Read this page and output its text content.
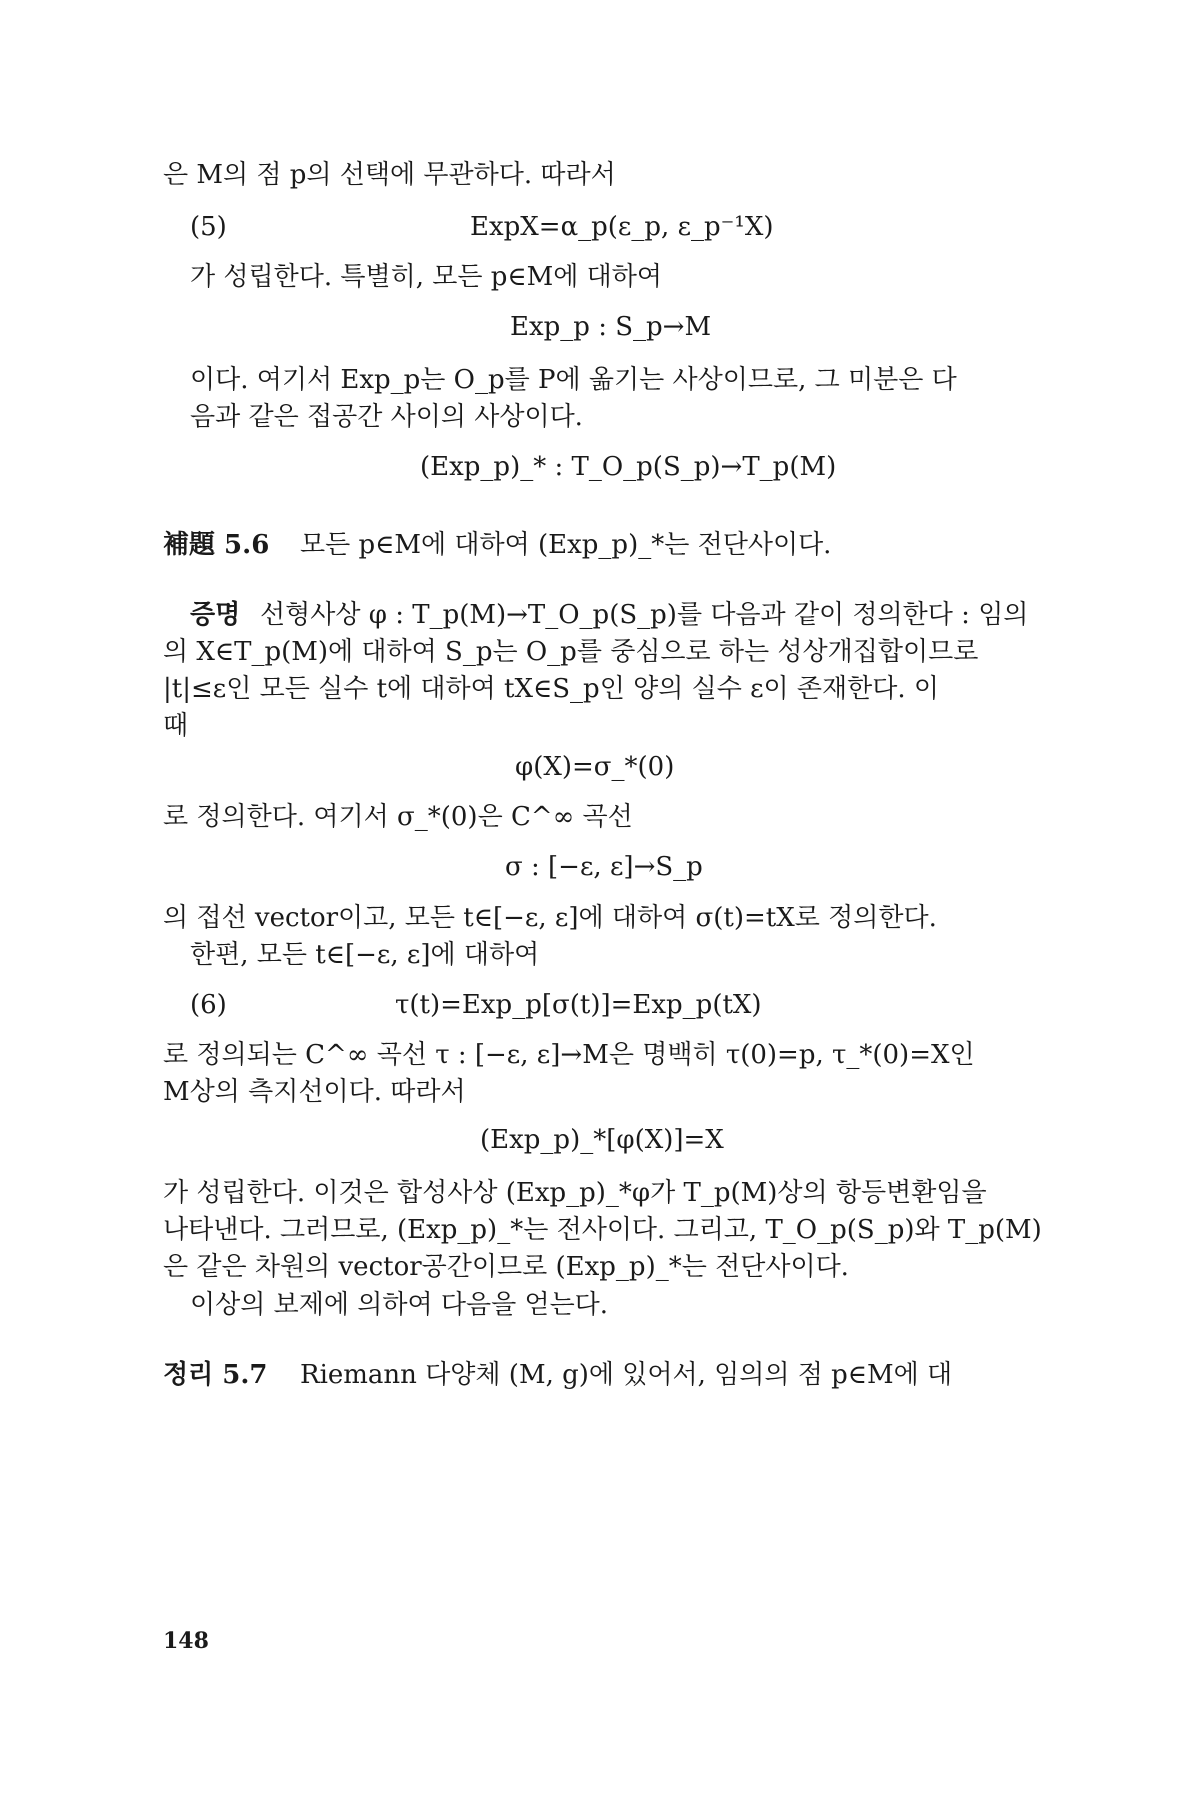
은 M의 점 p의 선택에 무관하다. 따라서
(5)	ExpX=α_p(ε_p, ε_p⁻¹X)
가 성립한다. 특별히, 모든 p∈M에 대하여
Exp_p : S_p→M
이다. 여기서 Exp_p는 O_p를 P에 옮기는 사상이므로, 그 미분은 다
음과 같은 접공간 사이의 사상이다.
(Exp_p)_* : T_O_p(S_p)→T_p(M)
補題 5.6 모든 p∈M에 대하여 (Exp_p)_*는 전단사이다.
증명 선형사상 φ : T_p(M)→T_O_p(S_p)를 다음과 같이 정의한다 : 임의
의 X∈T_p(M)에 대하여 S_p는 O_p를 중심으로 하는 성상개집합이므로
|t|≤ε인 모든 실수 t에 대하여 tX∈S_p인 양의 실수 ε이 존재한다. 이
때
φ(X)=σ_*(0)
로 정의한다. 여기서 σ_*(0)은 C^∞ 곡선
σ : [−ε, ε]→S_p
의 접선 vector이고, 모든 t∈[−ε, ε]에 대하여 σ(t)=tX로 정의한다.
한편, 모든 t∈[−ε, ε]에 대하여
(6)	τ(t)=Exp_p[σ(t)]=Exp_p(tX)
로 정의되는 C^∞ 곡선 τ : [−ε, ε]→M은 명백히 τ(0)=p, τ_*(0)=X인
M상의 측지선이다. 따라서
(Exp_p)_*[φ(X)]=X
가 성립한다. 이것은 합성사상 (Exp_p)_*φ가 T_p(M)상의 항등변환임을
나타낸다. 그러므로, (Exp_p)_*는 전사이다. 그리고, T_O_p(S_p)와 T_p(M)
은 같은 차원의 vector공간이므로 (Exp_p)_*는 전단사이다.
이상의 보제에 의하여 다음을 얻는다.
정리 5.7 Riemann 다양체 (M, g)에 있어서, 임의의 점 p∈M에 대
148
